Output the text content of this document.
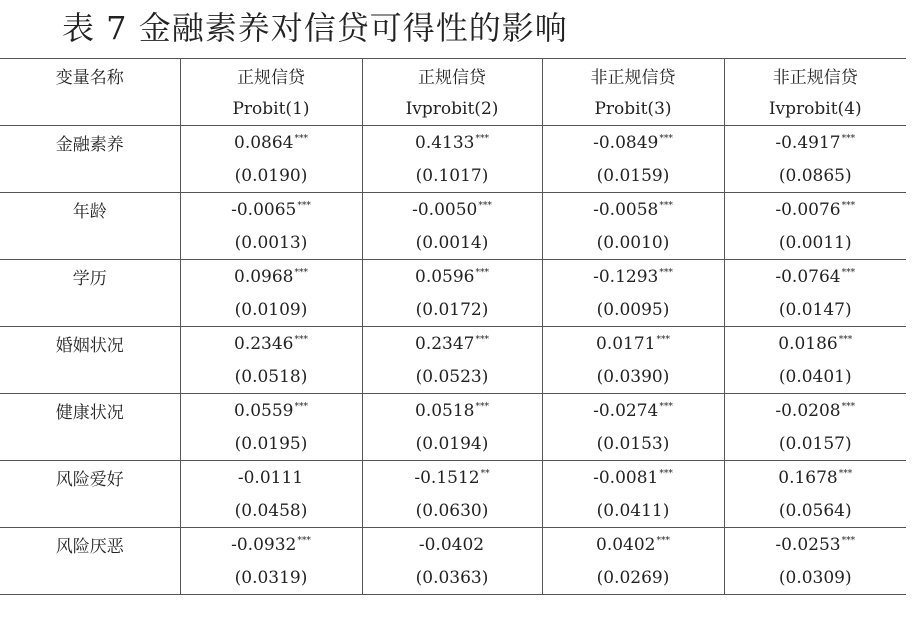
表 7 金融素养对信贷可得性的影响
变量名称	正规信贷	正规信贷	非正规信贷	非正规信贷
	Probit(1)	Ivprobit(2)	Probit(3)	Ivprobit(4)
金融素养	0.0864***	0.4133***	-0.0849***	-0.4917***
	(0.0190)	(0.1017)	(0.0159)	(0.0865)
年龄	-0.0065***	-0.0050***	-0.0058***	-0.0076***
	(0.0013)	(0.0014)	(0.0010)	(0.0011)
学历	0.0968***	0.0596***	-0.1293***	-0.0764***
	(0.0109)	(0.0172)	(0.0095)	(0.0147)
婚姻状况	0.2346***	0.2347***	0.0171***	0.0186***
	(0.0518)	(0.0523)	(0.0390)	(0.0401)
健康状况	0.0559***	0.0518***	-0.0274***	-0.0208***
	(0.0195)	(0.0194)	(0.0153)	(0.0157)
风险爱好	-0.0111	-0.1512**	-0.0081***	0.1678***
	(0.0458)	(0.0630)	(0.0411)	(0.0564)
风险厌恶	-0.0932***	-0.0402	0.0402***	-0.0253***
	(0.0319)	(0.0363)	(0.0269)	(0.0309)
